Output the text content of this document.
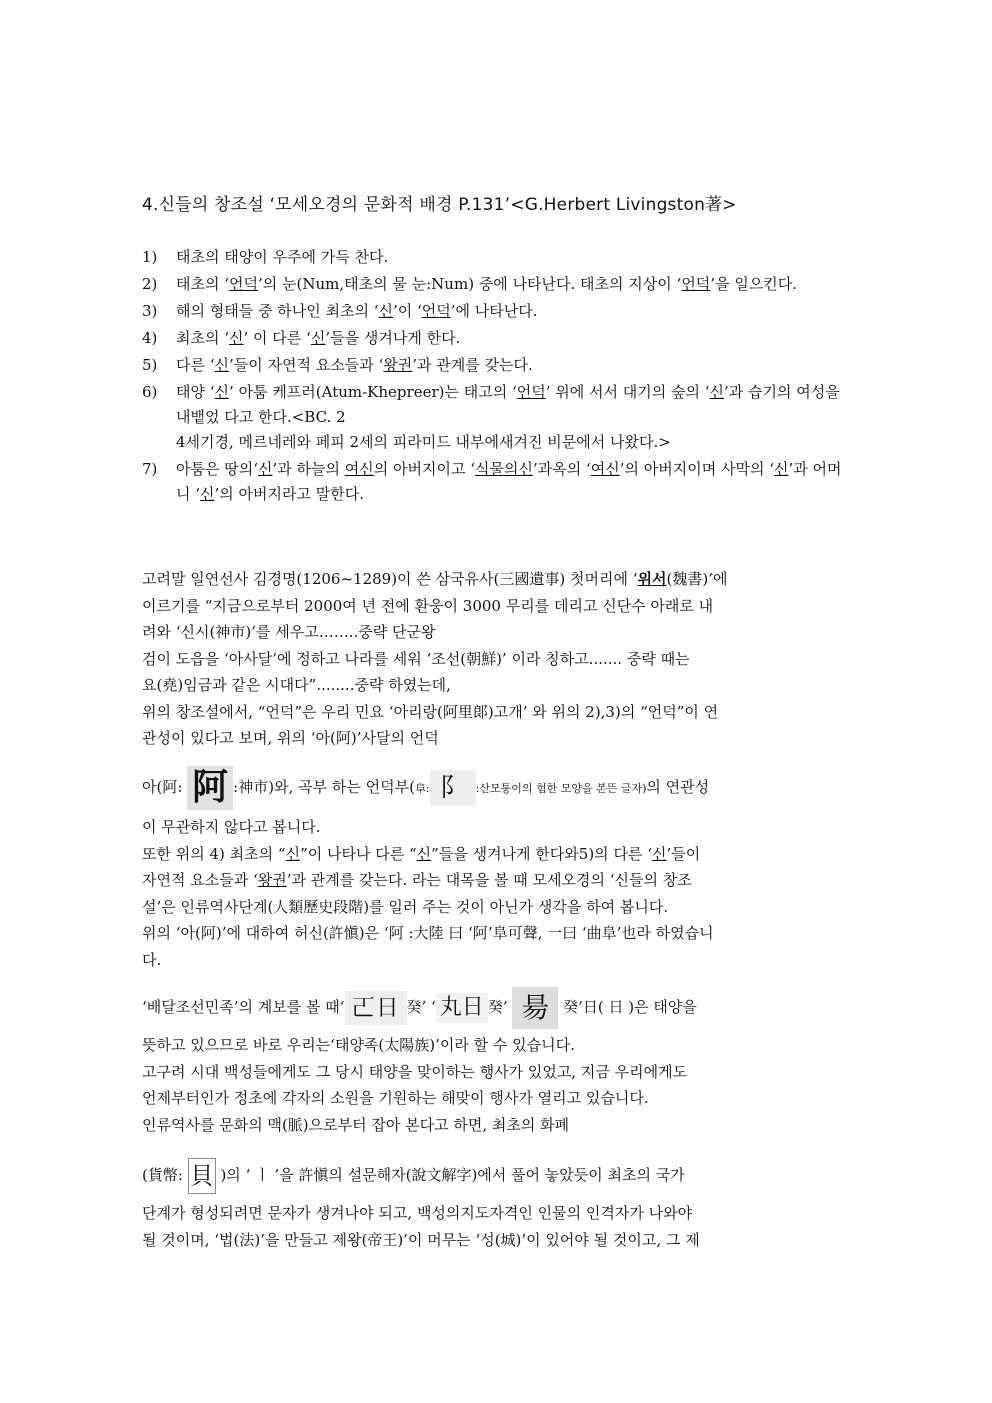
4.신들의 창조설 ‘모세오경의 문화적 배경 P.131’<G.Herbert Livingston著>
1) 태초의 태양이 우주에 가득 찬다.
2) 태초의 ‘언덕’의 눈(Num,태초의 물 눈:Num) 중에 나타난다. 태초의 지상이 ‘언덕’을 일으킨다.
3) 해의 형태들 중 하나인 최초의 ‘신’이 ‘언덕’에 나타난다.
4) 최초의 ‘신’ 이 다른 ‘신’들을 생겨나게 한다.
5) 다른 ‘신’들이 자연적 요소들과 ‘왕권’과 관계를 갖는다.
6) 태양 ‘신’ 아툼 케프러(Atum-Khepreer)는 태고의 ‘언덕’ 위에 서서 대기의 숲의 ‘신’과 습기의 여성을 내뱉었 다고 한다.<BC. 2
4세기경, 메르네레와 페피 2세의 피라미드 내부에새겨진 비문에서 나왔다.>
7) 아툼은 땅의‘신’과 하늘의 여신의 아버지이고 ‘식물의신’과옥의 ‘여신’의 아버지이며 사막의 ‘신’과 어머니 ‘신’의 아버지라고 말한다.
고려말 일연선사 김경명(1206~1289)이 쓴 삼국유사(三國遺事) 첫머리에 ‘위서(魏書)’에
이르기를 “지금으로부터 2000여 년 전에 환웅이 3000 무리를 데리고 신단수 아래로 내
려와 ‘신시(神市)’를 세우고……..중략 단군왕
검이 도읍을 ‘아사달’에 정하고 나라를 세워 ‘조선(朝鮮)’ 이라 칭하고....... 중략 때는
요(堯)임금과 같은 시대다”........중략 하였는데,
위의 창조설에서, “언덕”은 우리 민요 ‘아리랑(阿里郞)고개’ 와 위의 2),3)의 “언덕”이 연
관성이 있다고 보며, 위의 ‘아(阿)’사달의 언덕
아(阿: 阿 :神市)와, 곡부 하는 언덕부(阜: 阝 :산모퉁이의 험한 모양을 본뜬 글자)의 연관성
이 무관하지 않다고 봅니다.
또한 위의 4) 최초의 “신”이 나타나 다른 “신”들을 생겨나게 한다와5)의 다른 ‘신’들이
자연적 요소들과 ‘왕권’과 관계를 갖는다. 라는 대목을 볼 때 모세오경의 ‘신들의 창조
설’은 인류역사단계(人類歷史段階)를 일러 주는 것이 아닌가 생각을 하여 봅니다.
위의 ‘아(阿)’에 대하여 허신(許愼)은 ‘阿 :大陸 曰 ‘阿’阜可聲, 一曰 ‘曲阜’也라 하였습니
다.
‘배달조선민족’의 계보를 볼 때‘ 𠀀日 癸’ ‘ 丸日 癸’ 昜 癸’日( 日 )은 태양을
뜻하고 있으므로 바로 우리는‘태양족(太陽族)’이라 할 수 있습니다.
고구려 시대 백성들에게도 그 당시 태양을 맞이하는 행사가 있었고, 지금 우리에게도
언제부터인가 정초에 각자의 소원을 기원하는 해맞이 행사가 열리고 있습니다.
인류역사를 문화의 맥(脈)으로부터 잡아 본다고 하면, 최초의 화폐
(貨幣: 貝 )의 ‘ ㅣ ’을 許愼의 설문해자(說文解字)에서 풀어 놓았듯이 최초의 국가
단계가 형성되려면 문자가 생겨나야 되고, 백성의지도자격인 인물의 인격자가 나와야
될 것이며, ‘법(法)’을 만들고 제왕(帝王)’이 머무는 ‘성(城)’이 있어야 될 것이고, 그 제
